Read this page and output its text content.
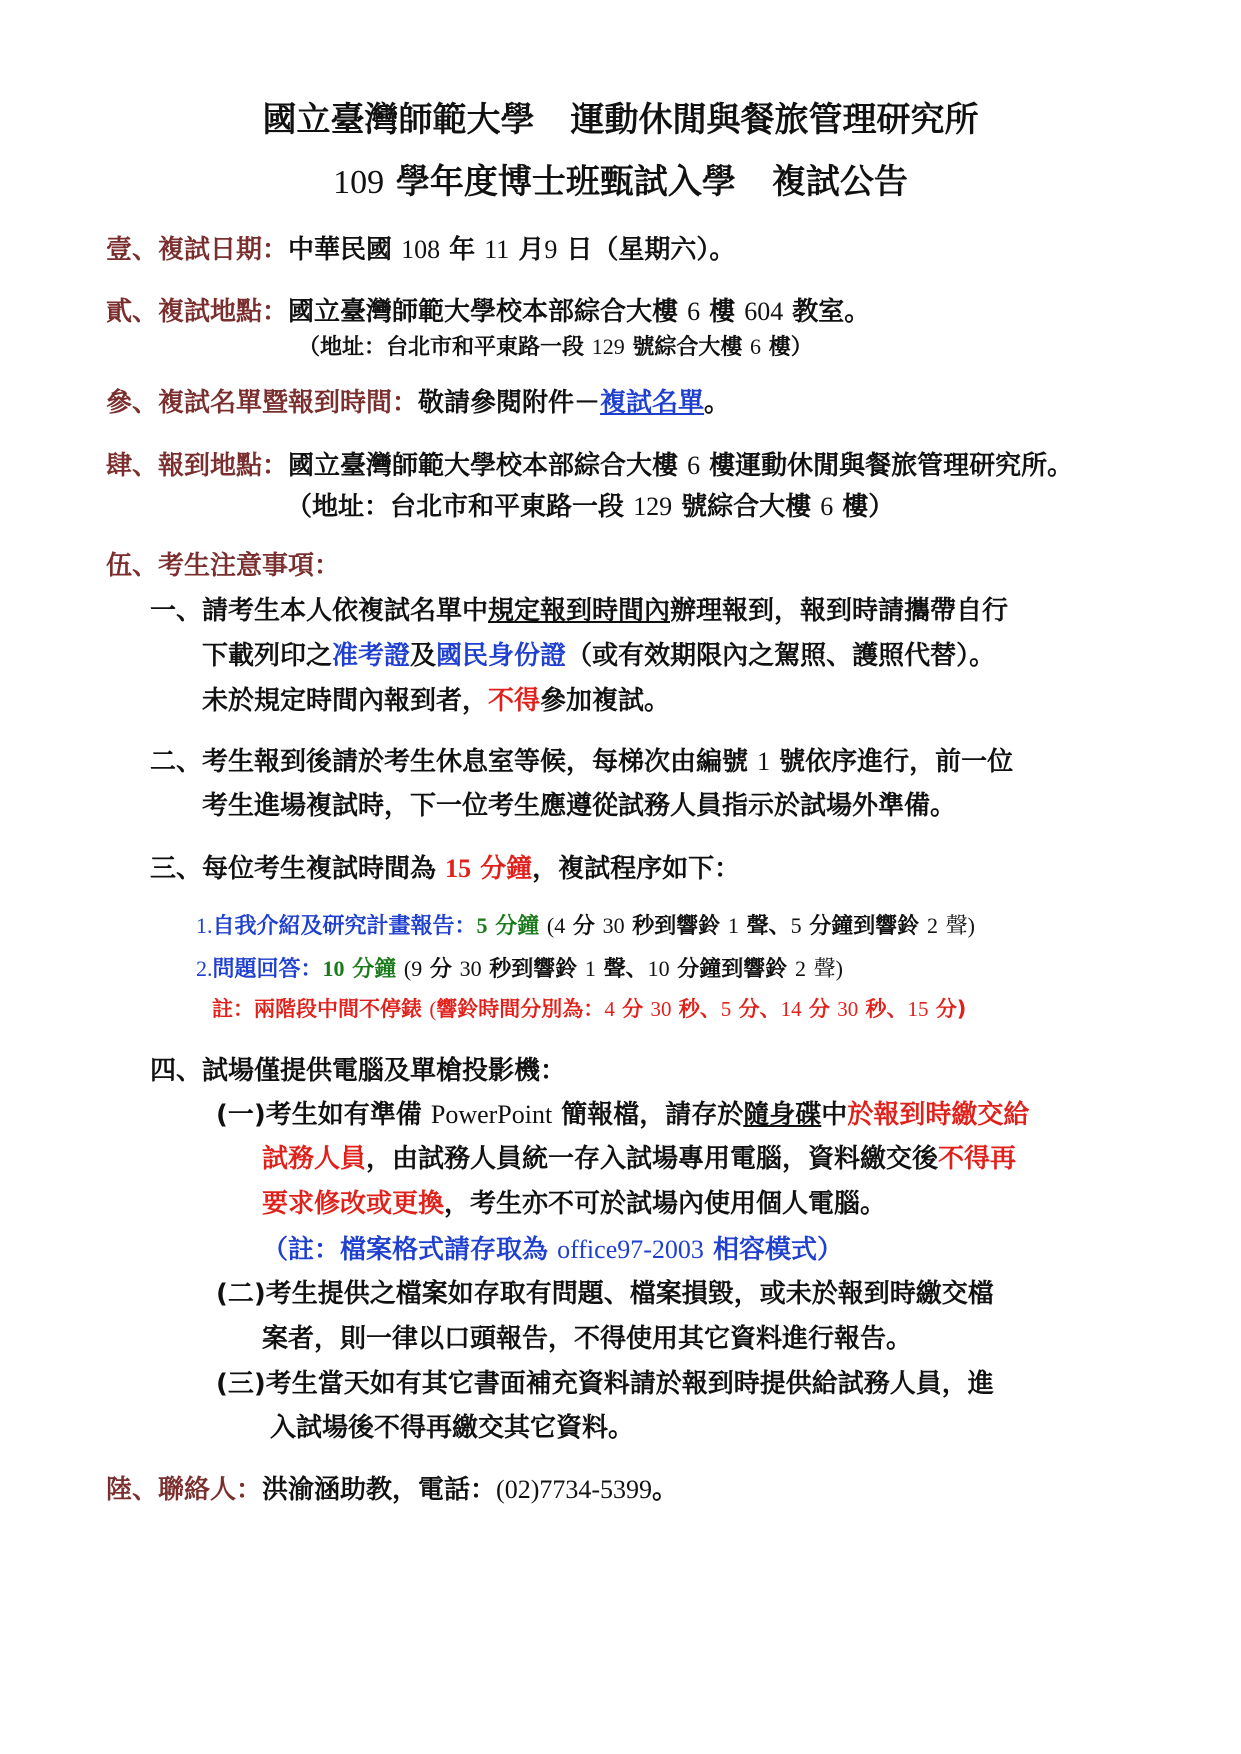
國立臺灣師範大學 運動休閒與餐旅管理研究所
109 學年度博士班甄試入學 複試公告
壹、複試日期：中華民國 108 年 11 月9 日（星期六）。
貳、複試地點：國立臺灣師範大學校本部綜合大樓 6 樓 604 教室。
（地址：台北市和平東路一段 129 號綜合大樓 6 樓）
參、複試名單暨報到時間：敬請參閱附件－複試名單。
肆、報到地點：國立臺灣師範大學校本部綜合大樓 6 樓運動休閒與餐旅管理研究所。
（地址：台北市和平東路一段 129 號綜合大樓 6 樓）
伍、考生注意事項：
一、請考生本人依複試名單中規定報到時間內辦理報到，報到時請攜帶自行
下載列印之准考證及國民身份證（或有效期限內之駕照、護照代替）。
未於規定時間內報到者，不得參加複試。
二、考生報到後請於考生休息室等候，每梯次由編號 1 號依序進行，前一位
考生進場複試時，下一位考生應遵從試務人員指示於試場外準備。
三、每位考生複試時間為 15 分鐘，複試程序如下：
1.自我介紹及研究計畫報告：5 分鐘 (4 分 30 秒到響鈴 1 聲、5 分鐘到響鈴 2 聲)
2.問題回答：10 分鐘 (9 分 30 秒到響鈴 1 聲、10 分鐘到響鈴 2 聲)
註：兩階段中間不停錶 (響鈴時間分別為：4 分 30 秒、5 分、14 分 30 秒、15 分)
四、試場僅提供電腦及單槍投影機：
(一)考生如有準備 PowerPoint 簡報檔，請存於隨身碟中於報到時繳交給
試務人員，由試務人員統一存入試場專用電腦，資料繳交後不得再
要求修改或更換，考生亦不可於試場內使用個人電腦。
（註：檔案格式請存取為 office97-2003 相容模式）
(二)考生提供之檔案如存取有問題、檔案損毀，或未於報到時繳交檔
案者，則一律以口頭報告，不得使用其它資料進行報告。
(三)考生當天如有其它書面補充資料請於報到時提供給試務人員，進
入試場後不得再繳交其它資料。
陸、聯絡人：洪渝涵助教，電話：(02)7734-5399。
